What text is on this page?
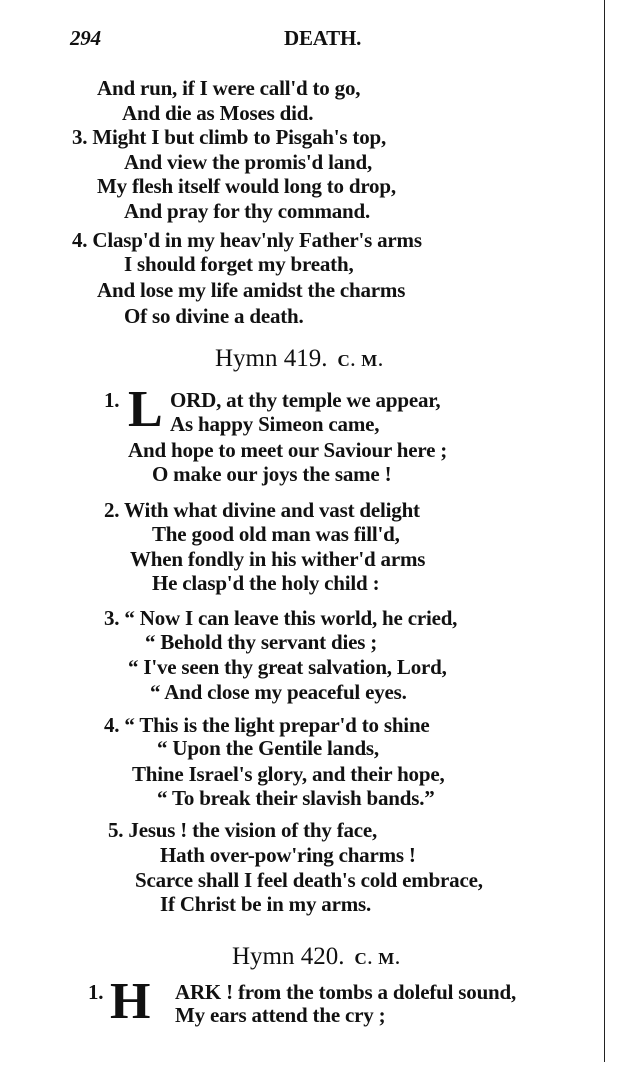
294	DEATH.
And run, if I were call'd to go,
And die as Moses did.
3. Might I but climb to Pisgah's top,
And view the promis'd land,
My flesh itself would long to drop,
And pray for thy command.
4. Clasp'd in my heav'nly Father's arms
I should forget my breath,
And lose my life amidst the charms
Of so divine a death.
Hymn 419. C. M.
1. L ORD, at thy temple we appear,
As happy Simeon came,
And hope to meet our Saviour here ;
O make our joys the same !
2. With what divine and vast delight
The good old man was fill'd,
When fondly in his wither'd arms
He clasp'd the holy child :
3. “ Now I can leave this world, he cried,
“ Behold thy servant dies ;
“ I've seen thy great salvation, Lord,
“ And close my peaceful eyes.
4. “ This is the light prepar'd to shine
“ Upon the Gentile lands,
Thine Israel's glory, and their hope,
“ To break their slavish bands.”
5. Jesus ! the vision of thy face,
Hath over-pow'ring charms !
Scarce shall I feel death's cold embrace,
If Christ be in my arms.
Hymn 420. C. M.
1. H ARK ! from the tombs a doleful sound,
My ears attend the cry ;
